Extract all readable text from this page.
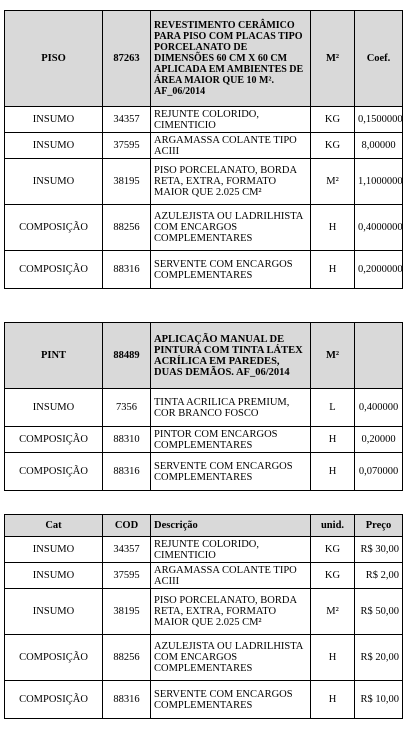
PISO	87263	REVESTIMENTO CERÂMICO PARA PISO COM PLACAS TIPO PORCELANATO DE DIMENSÕES 60 CM X 60 CM APLICADA EM AMBIENTES DE ÁREA MAIOR QUE 10 M². AF_06/2014	M²	Coef.
INSUMO	34357	REJUNTE COLORIDO, CIMENTICIO	KG	0,1500000
INSUMO	37595	ARGAMASSA COLANTE TIPO ACIII	KG	8,00000
INSUMO	38195	PISO PORCELANATO, BORDA RETA, EXTRA, FORMATO MAIOR QUE 2.025 CM²	M²	1,1000000
COMPOSIÇÃO	88256	AZULEJISTA OU LADRILHISTA COM ENCARGOS COMPLEMENTARES	H	0,4000000
COMPOSIÇÃO	88316	SERVENTE COM ENCARGOS COMPLEMENTARES	H	0,2000000
PINT	88489	APLICAÇÃO MANUAL DE PINTURA COM TINTA LÁTEX ACRÍLICA EM PAREDES, DUAS DEMÃOS. AF_06/2014	M²	
INSUMO	7356	TINTA ACRILICA PREMIUM, COR BRANCO FOSCO	L	0,400000
COMPOSIÇÃO	88310	PINTOR COM ENCARGOS COMPLEMENTARES	H	0,20000
COMPOSIÇÃO	88316	SERVENTE COM ENCARGOS COMPLEMENTARES	H	0,070000
Cat	COD	Descrição	unid.	Preço
INSUMO	34357	REJUNTE COLORIDO, CIMENTICIO	KG	R$ 30,00
INSUMO	37595	ARGAMASSA COLANTE TIPO ACIII	KG	R$ 2,00
INSUMO	38195	PISO PORCELANATO, BORDA RETA, EXTRA, FORMATO MAIOR QUE 2.025 CM²	M²	R$ 50,00
COMPOSIÇÃO	88256	AZULEJISTA OU LADRILHISTA COM ENCARGOS COMPLEMENTARES	H	R$ 20,00
COMPOSIÇÃO	88316	SERVENTE COM ENCARGOS COMPLEMENTARES	H	R$ 10,00
